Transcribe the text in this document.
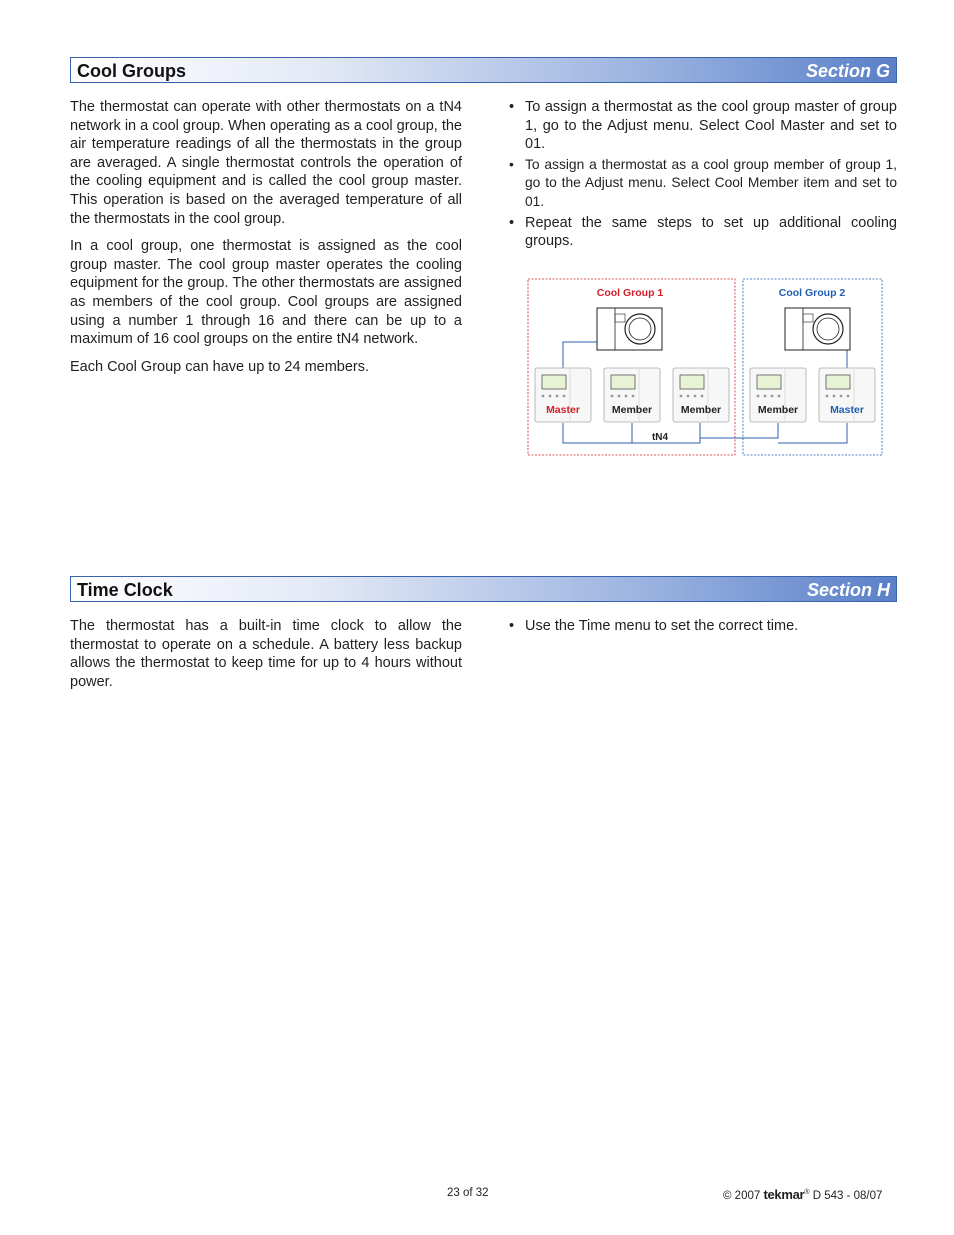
Cool Groups	Section G

The thermostat can operate with other thermostats on a tN4 network in a cool group. When operating as a cool group, the air temperature readings of all the thermostats in the group are averaged. A single thermostat controls the operation of the cooling equipment and is called the cool group master. This operation is based on the averaged temperature of all the thermostats in the cool group.

In a cool group, one thermostat is assigned as the cool group master. The cool group master operates the cooling equipment for the group. The other thermostats are assigned as members of the cool group. Cool groups are assigned using a number 1 through 16 and there can be up to a maximum of 16 cool groups on the entire tN4 network.

Each Cool Group can have up to 24 members.

• To assign a thermostat as the cool group master of group 1, go to the Adjust menu. Select Cool Master and set to 01.
• To assign a thermostat as a cool group member of group 1, go to the Adjust menu. Select Cool Member item and set to 01.
• Repeat the same steps to set up additional cooling groups.
Cool Group 1	Cool Group 2
Master	Member	Member	Member	Master
tN4
Time Clock	Section H

The thermostat has a built-in time clock to allow the thermostat to operate on a schedule. A battery less backup allows the thermostat to keep time for up to 4 hours without power.

• Use the Time menu to set the correct time.
23 of 32	© 2007 tekmar® D 543 - 08/07
